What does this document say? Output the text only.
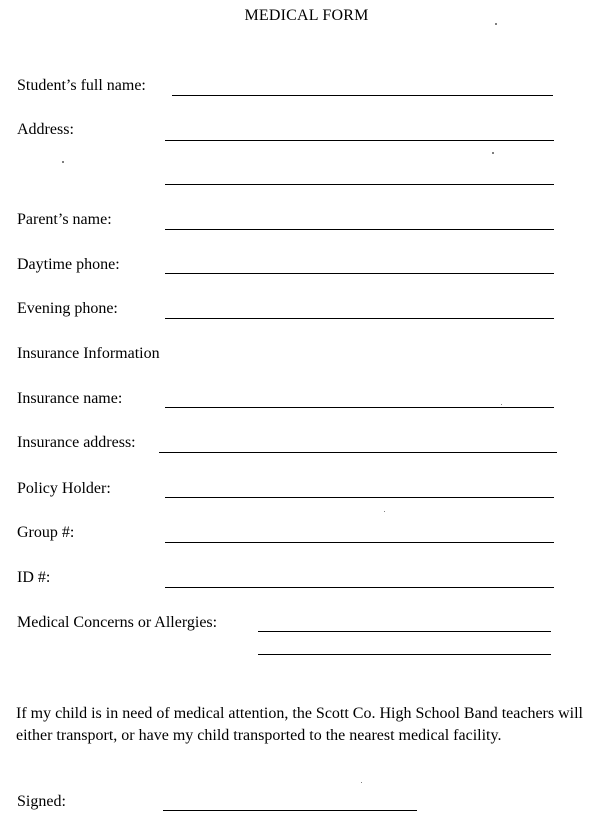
MEDICAL FORM
Student’s full name:
Address:
Parent’s name:
Daytime phone:
Evening phone:
Insurance Information
Insurance name:
Insurance address:
Policy Holder:
Group #:
ID #:
Medical Concerns or Allergies:
If my child is in need of medical attention, the Scott Co. High School Band teachers will either transport, or have my child transported to the nearest medical facility.
Signed:
